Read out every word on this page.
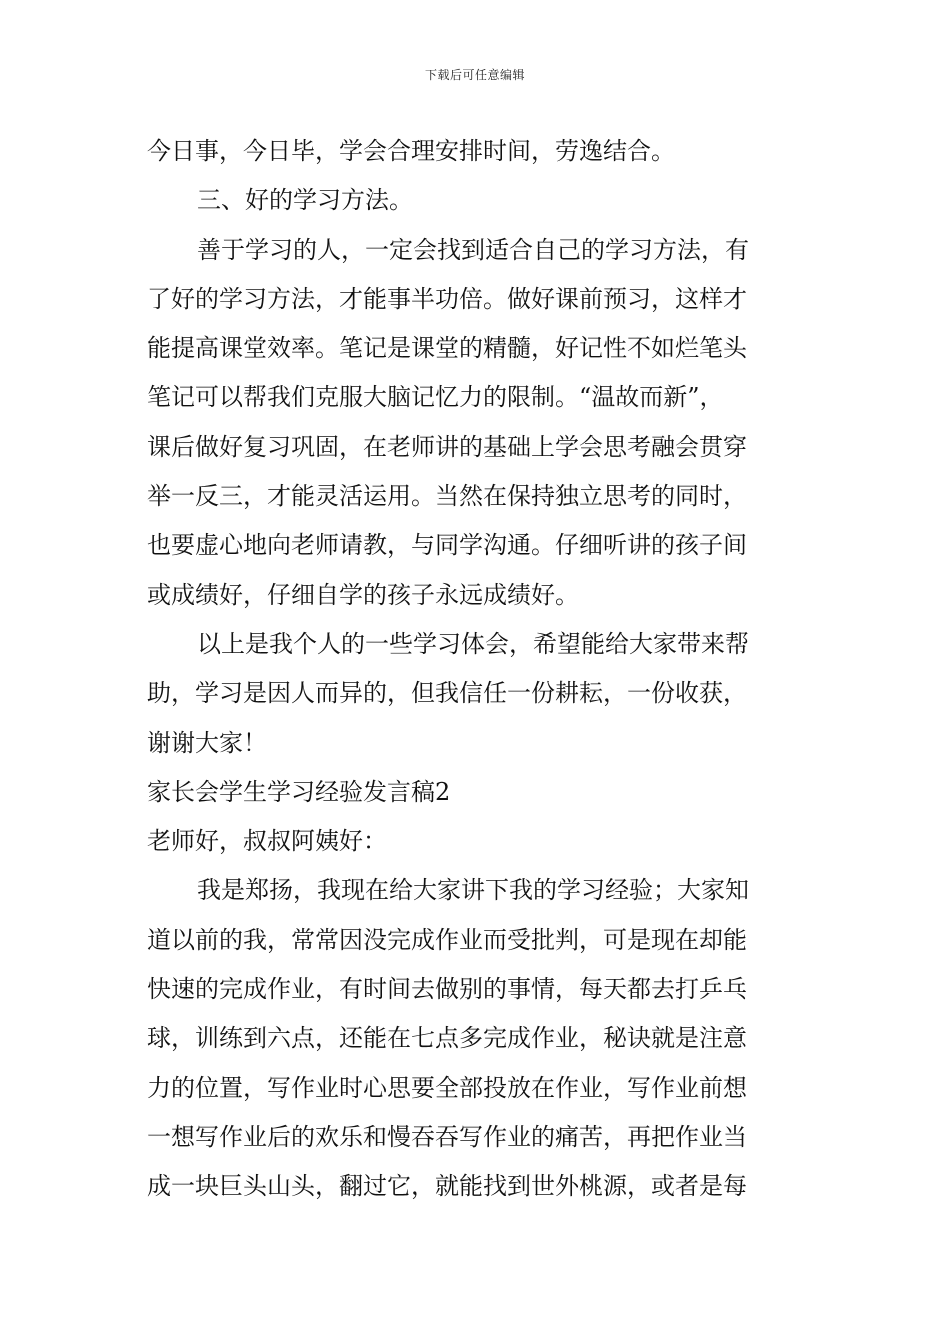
下载后可任意编辑
今日事，今日毕，学会合理安排时间，劳逸结合。
三、好的学习方法。
善于学习的人，一定会找到适合自己的学习方法，有
了好的学习方法，才能事半功倍。做好课前预习，这样才
能提高课堂效率。笔记是课堂的精髓，好记性不如烂笔头
笔记可以帮我们克服大脑记忆力的限制。“温故而新”，
课后做好复习巩固，在老师讲的基础上学会思考融会贯穿
举一反三，才能灵活运用。当然在保持独立思考的同时，
也要虚心地向老师请教，与同学沟通。仔细听讲的孩子间
或成绩好，仔细自学的孩子永远成绩好。
以上是我个人的一些学习体会，希望能给大家带来帮
助，学习是因人而异的，但我信任一份耕耘，一份收获，
谢谢大家！
家长会学生学习经验发言稿2
老师好，叔叔阿姨好：
我是郑扬，我现在给大家讲下我的学习经验；大家知
道以前的我，常常因没完成作业而受批判，可是现在却能
快速的完成作业，有时间去做别的事情，每天都去打乒乓
球，训练到六点，还能在七点多完成作业，秘诀就是注意
力的位置，写作业时心思要全部投放在作业，写作业前想
一想写作业后的欢乐和慢吞吞写作业的痛苦，再把作业当
成一块巨头山头，翻过它，就能找到世外桃源，或者是每
